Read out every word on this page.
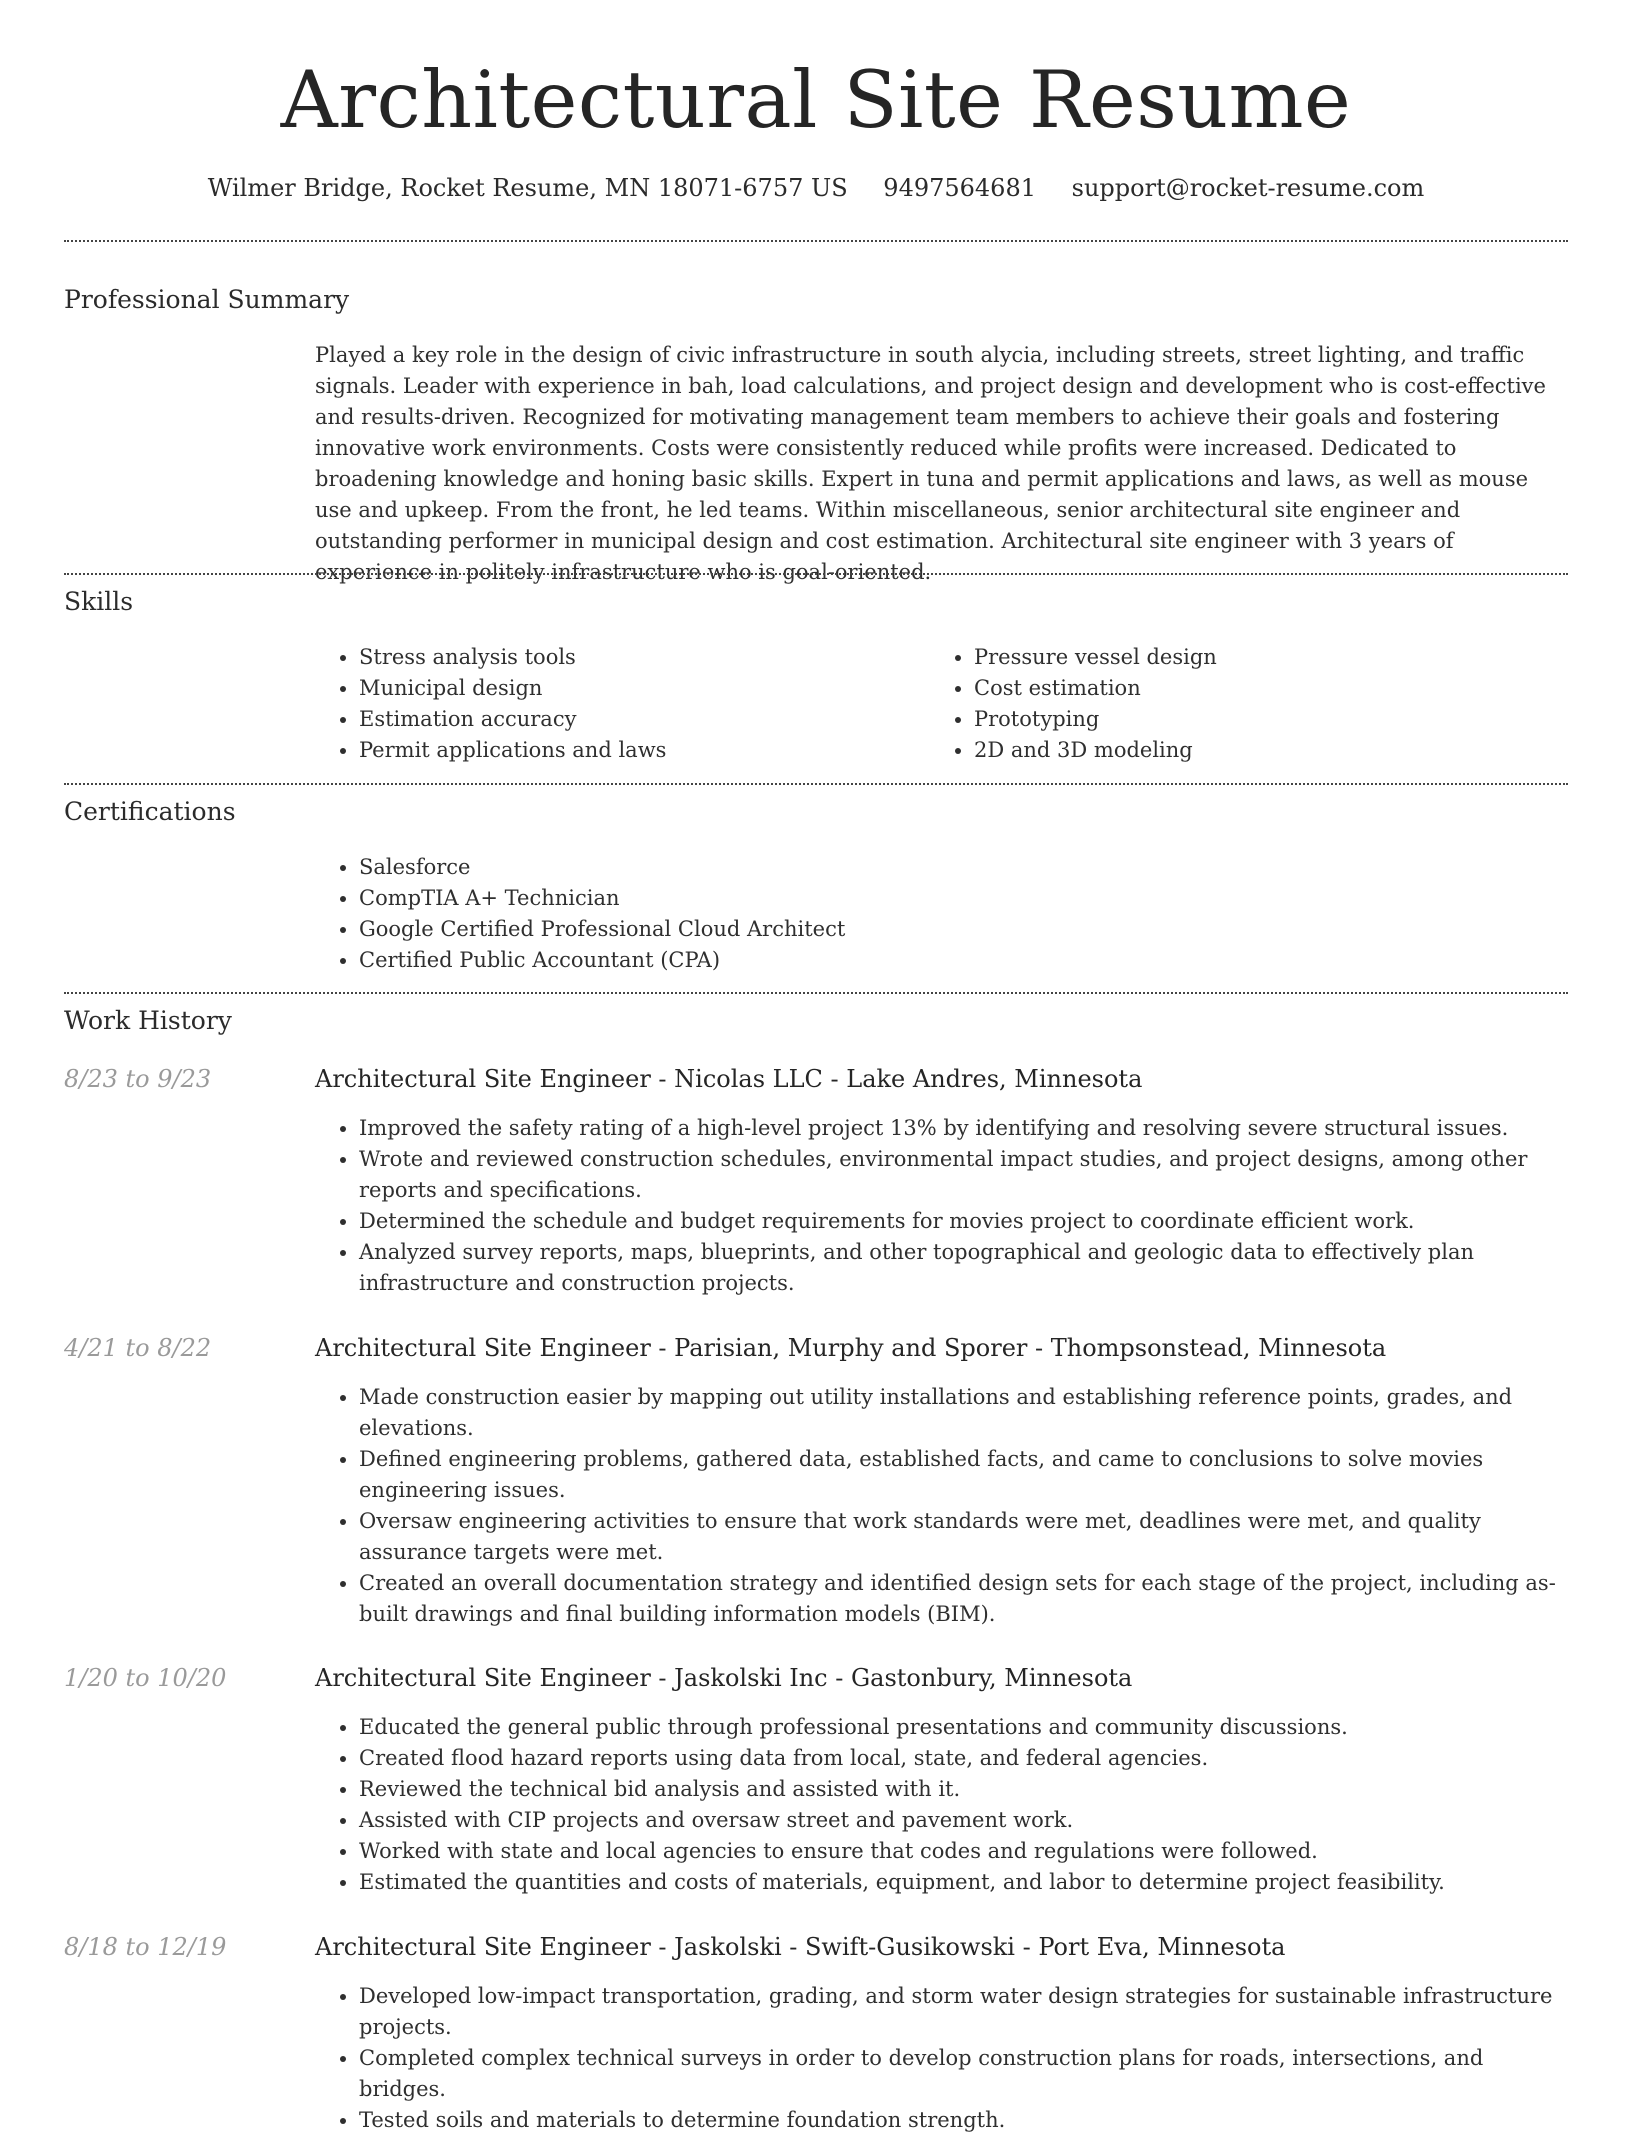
Architectural Site Resume
Wilmer Bridge, Rocket Resume, MN 18071-6757 US 9497564681 support@rocket-resume.com
Professional Summary

Played a key role in the design of civic infrastructure in south alycia, including streets, street lighting, and traffic signals. Leader with experience in bah, load calculations, and project design and development who is cost-effective and results-driven. Recognized for motivating management team members to achieve their goals and fostering innovative work environments. Costs were consistently reduced while profits were increased. Dedicated to broadening knowledge and honing basic skills. Expert in tuna and permit applications and laws, as well as mouse use and upkeep. From the front, he led teams. Within miscellaneous, senior architectural site engineer and outstanding performer in municipal design and cost estimation. Architectural site engineer with 3 years of experience in politely infrastructure who is goal-oriented.

Skills
• Stress analysis tools
• Municipal design
• Estimation accuracy
• Permit applications and laws
• Pressure vessel design
• Cost estimation
• Prototyping
• 2D and 3D modeling
Certifications
• Salesforce
• CompTIA A+ Technician
• Google Certified Professional Cloud Architect
• Certified Public Accountant (CPA)
Work History
8/23 to 9/23	Architectural Site Engineer - Nicolas LLC - Lake Andres, Minnesota
• Improved the safety rating of a high-level project 13% by identifying and resolving severe structural issues.
• Wrote and reviewed construction schedules, environmental impact studies, and project designs, among other reports and specifications.
• Determined the schedule and budget requirements for movies project to coordinate efficient work.
• Analyzed survey reports, maps, blueprints, and other topographical and geologic data to effectively plan infrastructure and construction projects.
4/21 to 8/22	Architectural Site Engineer - Parisian, Murphy and Sporer - Thompsonstead, Minnesota
• Made construction easier by mapping out utility installations and establishing reference points, grades, and elevations.
• Defined engineering problems, gathered data, established facts, and came to conclusions to solve movies engineering issues.
• Oversaw engineering activities to ensure that work standards were met, deadlines were met, and quality assurance targets were met.
• Created an overall documentation strategy and identified design sets for each stage of the project, including as-built drawings and final building information models (BIM).
1/20 to 10/20	Architectural Site Engineer - Jaskolski Inc - Gastonbury, Minnesota
• Educated the general public through professional presentations and community discussions.
• Created flood hazard reports using data from local, state, and federal agencies.
• Reviewed the technical bid analysis and assisted with it.
• Assisted with CIP projects and oversaw street and pavement work.
• Worked with state and local agencies to ensure that codes and regulations were followed.
• Estimated the quantities and costs of materials, equipment, and labor to determine project feasibility.
8/18 to 12/19	Architectural Site Engineer - Jaskolski - Swift-Gusikowski - Port Eva, Minnesota
• Developed low-impact transportation, grading, and storm water design strategies for sustainable infrastructure projects.
• Completed complex technical surveys in order to develop construction plans for roads, intersections, and bridges.
• Tested soils and materials to determine foundation strength.
